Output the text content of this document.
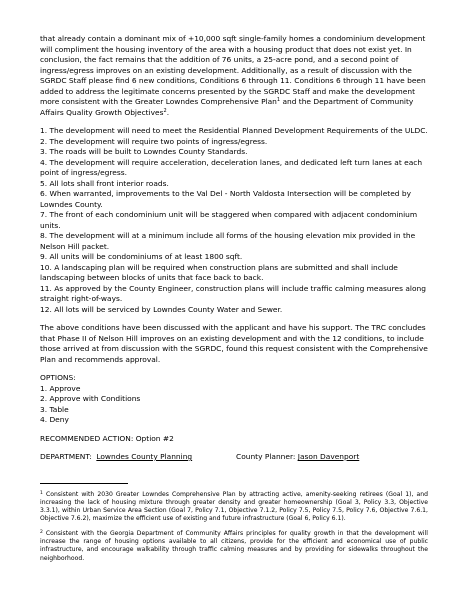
that already contain a dominant mix of +10,000 sqft single-family homes a condominium development will compliment the housing inventory of the area with a housing product that does not exist yet. In conclusion, the fact remains that the addition of 76 units, a 25-acre pond, and a second point of ingress/egress improves on an existing development. Additionally, as a result of discussion with the SGRDC Staff please find 6 new conditions, Conditions 6 through 11. Conditions 6 through 11 have been added to address the legitimate concerns presented by the SGRDC Staff and make the development more consistent with the Greater Lowndes Comprehensive Plan$^1$ and the Department of Community Affairs Quality Growth Objectives$^2$.

1. The development will need to meet the Residential Planned Development Requirements of the ULDC.

2. The development will require two points of ingress/egress.

3. The roads will be built to Lowndes County Standards.

4. The development will require acceleration, deceleration lanes, and dedicated left turn lanes at each point of ingress/egress.

5. All lots shall front interior roads.

6. When warranted, improvements to the Val Del - North Valdosta Intersection will be completed by Lowndes County.

7. The front of each condominium unit will be staggered when compared with adjacent condominium units.

8. The development will at a minimum include all forms of the housing elevation mix provided in the Nelson Hill packet.

9. All units will be condominiums of at least 1800 sqft.

10. A landscaping plan will be required when construction plans are submitted and shall include landscaping between blocks of units that face back to back.

11. As approved by the County Engineer, construction plans will include traffic calming measures along straight right-of-ways.

12. All lots will be serviced by Lowndes County Water and Sewer.

The above conditions have been discussed with the applicant and have his support. The TRC concludes that Phase II of Nelson Hill improves on an existing development and with the 12 conditions, to include those arrived at from discussion with the SGRDC, found this request consistent with the Comprehensive Plan and recommends approval.

OPTIONS:

1. Approve

2. Approve with Conditions

3. Table

4. Deny

RECOMMENDED ACTION: Option #2

DEPARTMENT: Lowndes County Planning	County Planner: Jason Davenport

$^1$ Consistent with 2030 Greater Lowndes Comprehensive Plan by attracting active, amenity-seeking retirees (Goal 1), and increasing the lack of housing mixture through greater density and greater homeownership (Goal 3, Policy 3.3, Objective 3.3.1), within Urban Service Area Section (Goal 7, Policy 7.1, Objective 7.1.2, Policy 7.5, Policy 7.5, Policy 7.6, Objective 7.6.1, Objective 7.6.2), maximize the efficient use of existing and future infrastructure (Goal 6, Policy 6.1).

$^2$ Consistent with the Georgia Department of Community Affairs principles for quality growth in that the development will increase the range of housing options available to all citizens, provide for the efficient and economical use of public infrastructure, and encourage walkability through traffic calming measures and by providing for sidewalks throughout the neighborhood.
